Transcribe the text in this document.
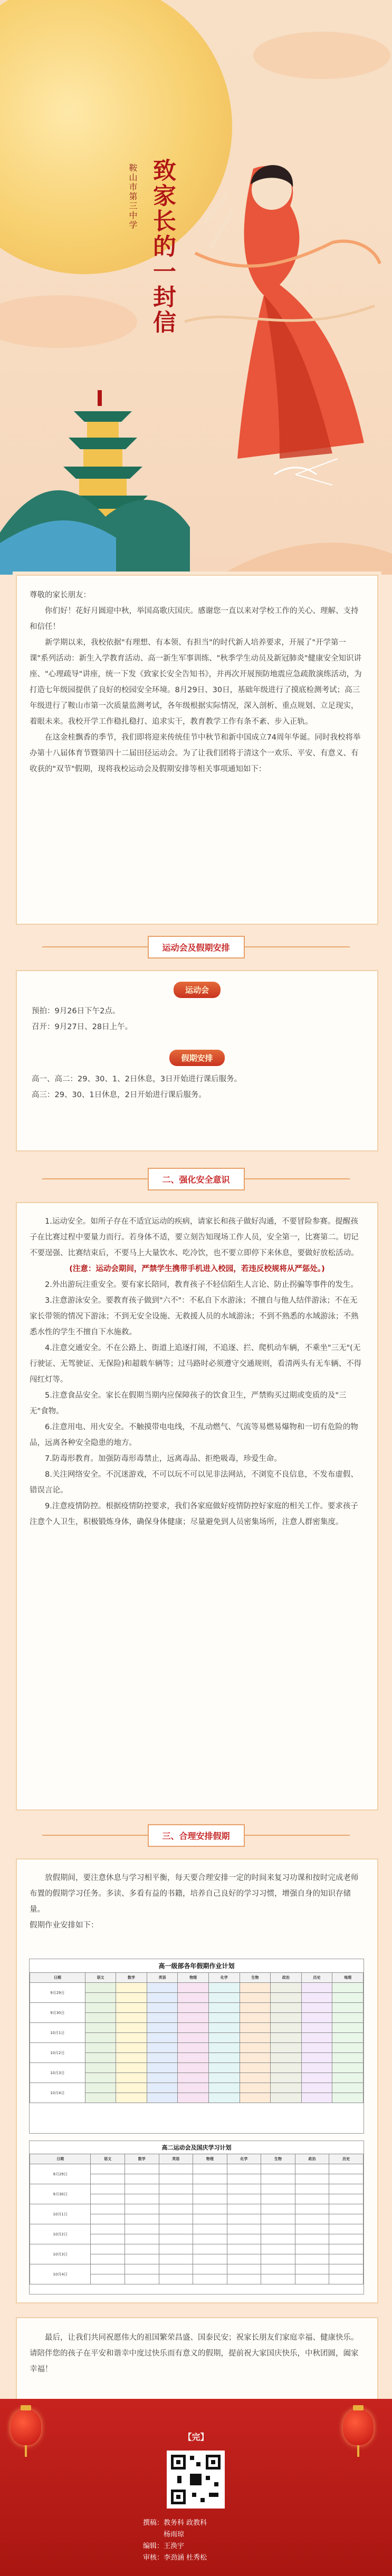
鞍山市第三中学 致家长的一封信

尊敬的家长朋友：

你们好！花好月圆迎中秋，举国高歌庆国庆。感谢您一直以来对学校工作的关心、理解、支持和信任！

新学期以来，我校依据"有理想、有本领、有担当"的时代新人培养要求，开展了"开学第一课"系列活动：新生入学教育活动、高一新生军事训练、"秋季学生动员及新冠肺炎"健康安全知识讲座、"心理疏导"讲座，统一下发《致家长安全告知书》，并再次开展预防地震应急疏散演练活动，为打造七年级园提供了良好的校园安全环境。8月29日、30日，基础年级进行了摸底检测考试；高三年级进行了鞍山市第一次质量监测考试，各年级根据实际情况，深入剖析、重点规划、立足现实，着眼未来。我校开学工作稳扎稳打、追求实干，教育教学工作有条不紊、步入正轨。

在这金桂飘香的季节，我们即将迎来传统佳节中秋节和新中国成立74周年华诞。同时我校将举办第十八届体育节暨第四十二届田径运动会。为了让我们团将于清这个一欢乐、平安、有意义、有收获的"双节"假期，现将我校运动会及假期安排等相关事项通知如下：

运动会及假期安排
运动会

预拍：9月26日下午2点。

召开：9月27日、28日上午。

假期安排

高一、高二：29、30、1、2日休息，3日开始进行课后服务。

高三：29、30、1日休息，2日开始进行课后服务。

二、强化安全意识

1.运动安全。如所子存在不适宜运动的疾病，请家长和孩子做好沟通，不要冒险参赛。提醒孩子在比赛过程中要量力而行。若身体不适，要立刻告知现场工作人员，安全第一，比赛第二。切记不要逞强、比赛结束后，不要马上大量饮水、吃冷饮，也不要立即停下来休息，要做好放松活动。

(注意：运动会期间，严禁学生携带手机进入校园，若违反校规将从严惩处。)

2.外出游玩注重安全。要有家长陪同，教育孩子不轻信陌生人言论、防止拐骗等事件的发生。

3.注意游泳安全。要教育孩子做到"六不"：不私自下水游泳；不擅自与他人结伴游泳；不在无家长带领的情况下游泳；不到无安全设施、无救援人员的水域游泳；不到不熟悉的水域游泳；不熟悉水性的学生不擅自下水施救。

4.注意交通安全。不在公路上、街道上追逐打闹，不追逐、拦、爬机动车辆，不乘坐"三无"(无行驶证、无驾驶证、无保险)和超载车辆等；过马路时必须遵守交通规则，看清两头有无车辆、不得闯红灯等。

5.注意食品安全。家长在假期当期内应保障孩子的饮食卫生，严禁购买过期或变质的及"三无"食物。

6.注意用电、用火安全。不触摸带电电线，不乱动燃气、气流等易燃易爆物和一切有危险的物品，远离各种安全隐患的地方。

7.防毒形教育。加强防毒形毒禁止，远离毒品、拒绝吸毒，珍爱生命。

8.关注网络安全。不沉迷游戏，不可以玩不可以见非法网站，不浏览不良信息，不发布虚假、错误言论。

9.注意疫情防控。根据疫情防控要求，我们各家庭做好疫情防控好家庭的相关工作。要求孩子注意个人卫生，积极锻炼身体，确保身体健康；尽量避免到人员密集场所，注意人群密集度。

三、合理安排假期

放假期间，要注意休息与学习相平衡，每天要合理安排一定的时间来复习功课和按时完成老师布置的假期学习任务。多读、多看有益的书籍，培养自己良好的学习习惯，增强自身的知识存储量。

假期作业安排如下：

高一级部各年假期作业计划
日期	语文	数学	英语	物理	化学	生物	政治	历史	地理
9月29日									

9月30日									

10月1日									

10月2日									

10月3日									

10月4日									

高二运动会及国庆学习计划
日期	语文	数学	英语	物理	化学	生物	政治	历史
9月29日								

9月30日								

10月1日								

10月2日								

10月3日								

10月4日								

最后，让我们共同祝愿伟大的祖国繁荣昌盛、国泰民安；祝家长朋友们家庭幸福、健康快乐。请陪伴您的孩子在平安和谐幸中度过快乐而有意义的假期，提前祝大家国庆快乐，中秋团圆，阖家幸福！

【完】
撰稿：教务科 政教科
杨雨琼
编辑：王涣宇
审核：李劲涵 杜秀松
